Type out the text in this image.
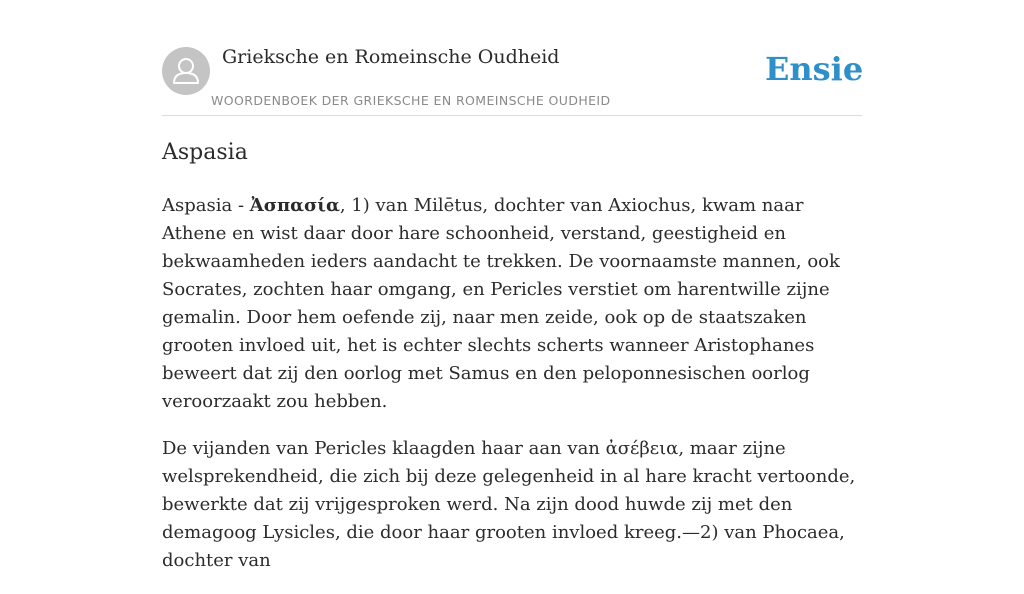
Grieksche en Romeinsche Oudheid
WOORDENBOEK DER GRIEKSCHE EN ROMEINSCHE OUDHEID
Ensie
Aspasia

Aspasia - Ἀσπασία, 1) van Milētus, dochter van Axiochus, kwam naar Athene en wist daar door hare schoonheid, verstand, geestigheid en bekwaamheden ieders aandacht te trekken. De voornaamste mannen, ook Socrates, zochten haar omgang, en Pericles verstiet om harentwille zijne gemalin. Door hem oefende zij, naar men zeide, ook op de staatszaken grooten invloed uit, het is echter slechts scherts wanneer Aristophanes beweert dat zij den oorlog met Samus en den peloponnesischen oorlog veroorzaakt zou hebben.

De vijanden van Pericles klaagden haar aan van ἀσέβεια, maar zijne welsprekendheid, die zich bij deze gelegenheid in al hare kracht vertoonde, bewerkte dat zij vrijgesproken werd. Na zijn dood huwde zij met den demagoog Lysicles, die door haar grooten invloed kreeg.—2) van Phocaea, dochter van
